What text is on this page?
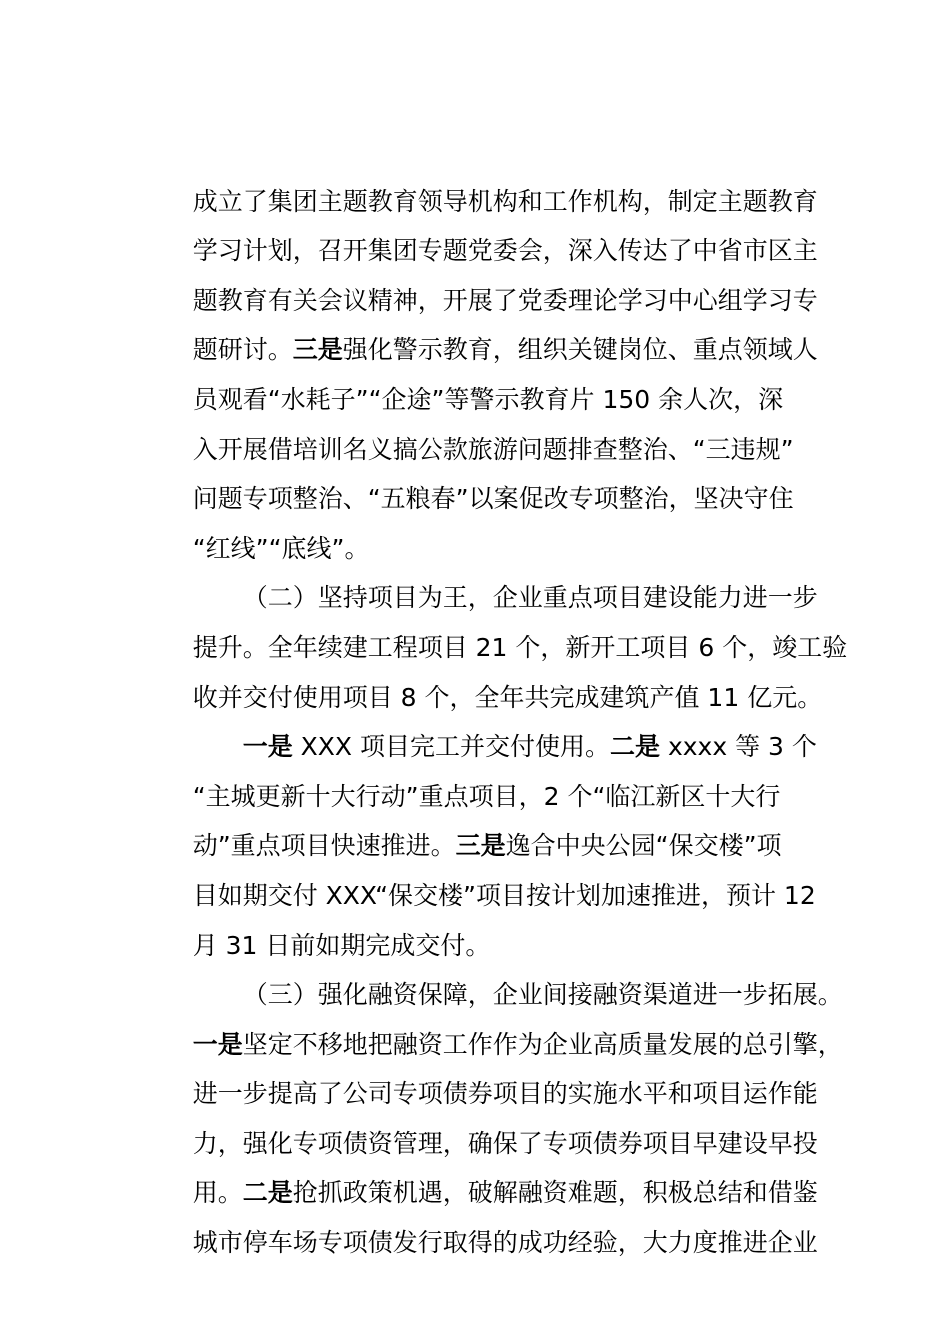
成立了集团主题教育领导机构和工作机构，制定主题教育

学习计划，召开集团专题党委会，深入传达了中省市区主

题教育有关会议精神，开展了党委理论学习中心组学习专

题研讨。三是强化警示教育，组织关键岗位、重点领域人

员观看“水耗子”“企途”等警示教育片 150 余人次，深

入开展借培训名义搞公款旅游问题排查整治、“三违规”

问题专项整治、“五粮春”以案促改专项整治，坚决守住

“红线”“底线”。

（二）坚持项目为王，企业重点项目建设能力进一步

提升。全年续建工程项目 21 个，新开工项目 6 个，竣工验

收并交付使用项目 8 个，全年共完成建筑产值 11 亿元。

一是 XXX 项目完工并交付使用。二是 xxxx 等 3 个

“主城更新十大行动”重点项目，2 个“临江新区十大行

动”重点项目快速推进。三是逸合中央公园“保交楼”项

目如期交付 XXX“保交楼”项目按计划加速推进，预计 12

月 31 日前如期完成交付。

（三）强化融资保障，企业间接融资渠道进一步拓展。

一是坚定不移地把融资工作作为企业高质量发展的总引擎，

进一步提高了公司专项债券项目的实施水平和项目运作能

力，强化专项债资管理，确保了专项债券项目早建设早投

用。二是抢抓政策机遇，破解融资难题，积极总结和借鉴

城市停车场专项债发行取得的成功经验，大力度推进企业
